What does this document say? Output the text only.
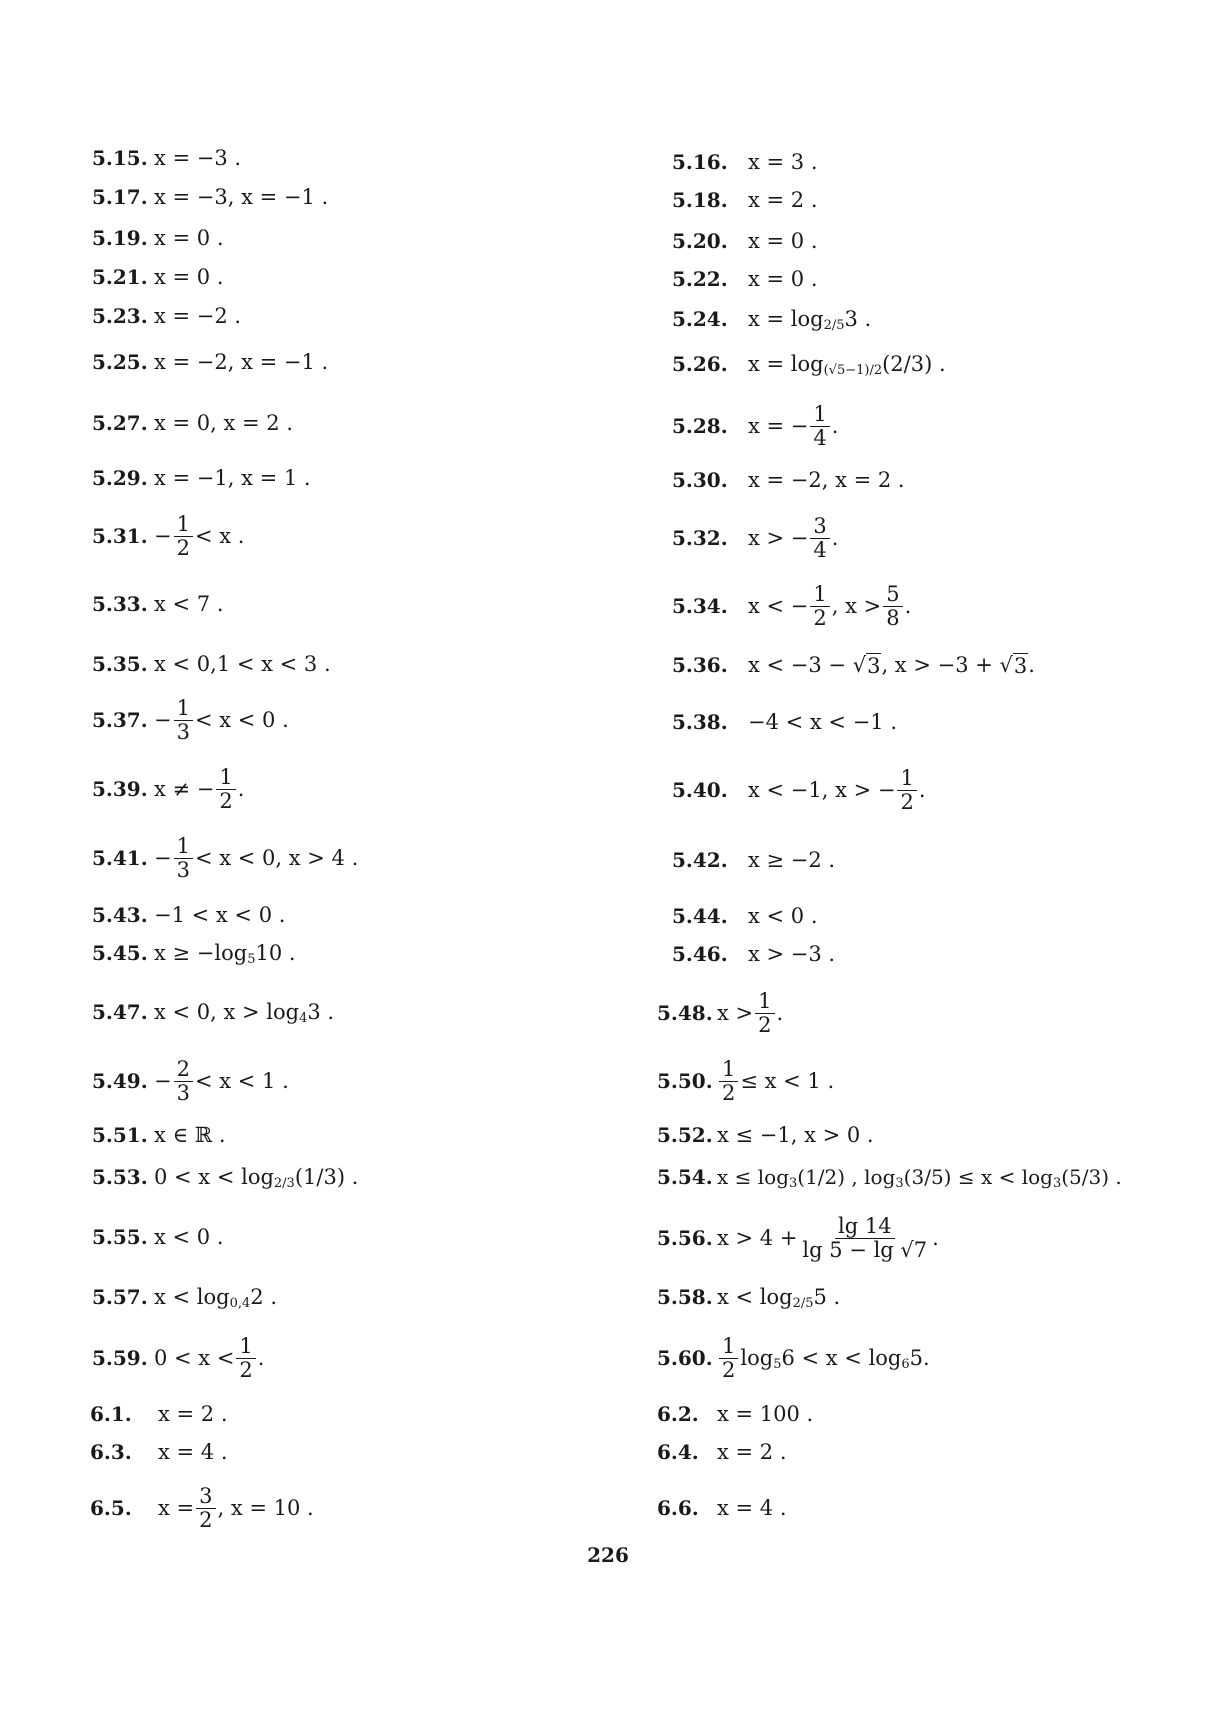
5.15. x = −3 .	5.16. x = 3 .
5.17. x = −3, x = −1 .	5.18. x = 2 .
5.19. x = 0 .	5.20. x = 0 .
5.21. x = 0 .	5.22. x = 0 .
5.23. x = −2 .	5.24. x = log 2/5 3 .
5.25. x = −2, x = −1 .	5.26. x = log (√5−1)/2 (2/3) .
5.27. x = 0, x = 2 .	5.28. x = − $\frac{1}{4}$ .
5.29. x = −1, x = 1 .	5.30. x = −2, x = 2 .
5.31. − $\frac{1}{2} < x$ .	5.32. x > − $\frac{3}{4}$ .
5.33. x < 7 .	5.34. x < − $\frac{1}{2}$ , $x > \frac{5}{8}$ .
5.35. x < 0,1 < x < 3 .	5.36. x < −3 − √ 3 , x > −3 + √ 3 .
5.37. − $\frac{1}{3} < x < 0$ .	5.38. −4 < x < −1 .
5.39. x ≠ − $\frac{1}{2}$ .	5.40. x < −1, x > − $\frac{1}{2}$ .
5.41. − $\frac{1}{3} < x < 0$, x > 4 .	5.42. x ≥ −2 .
5.43. −1 < x < 0 .	5.44. x < 0 .
5.45. x ≥ −log 5 10 .	5.46. x > −3 .
5.47. x < 0, x > log 4 3 .	5.48. $x > \frac{1}{2}$ .
5.49. − $\frac{2}{3} < x < 1$ .	5.50. $\frac{1}{2} \le x < 1$ .
5.51. x ∈ ℝ .	5.52. x ≤ −1, x > 0 .
5.53. 0 < x < log 2/3 (1/3) .	5.54. x ≤ log 3 (1/2) , log 3 (3/5) ≤ x < log 3 (5/3) .
5.55. x < 0 .	5.56. $x > 4 + \frac{\lg 14}{\lg 5 - \lg √7}$ .
5.57. x < log 0,4 2 .	5.58. x < log 2/5 5 .
5.59. $0 < x < \frac{1}{2}$ .	5.60. $\frac{1}{2}$ log 5 6 < x < log 6 5.
6.1.	x = 2 .	6.2. x = 100 .
6.3.	x = 4 .	6.4. x = 2 .
6.5.	$x = \frac{3}{2}$ , x = 10 .	6.6. x = 4 .
226
